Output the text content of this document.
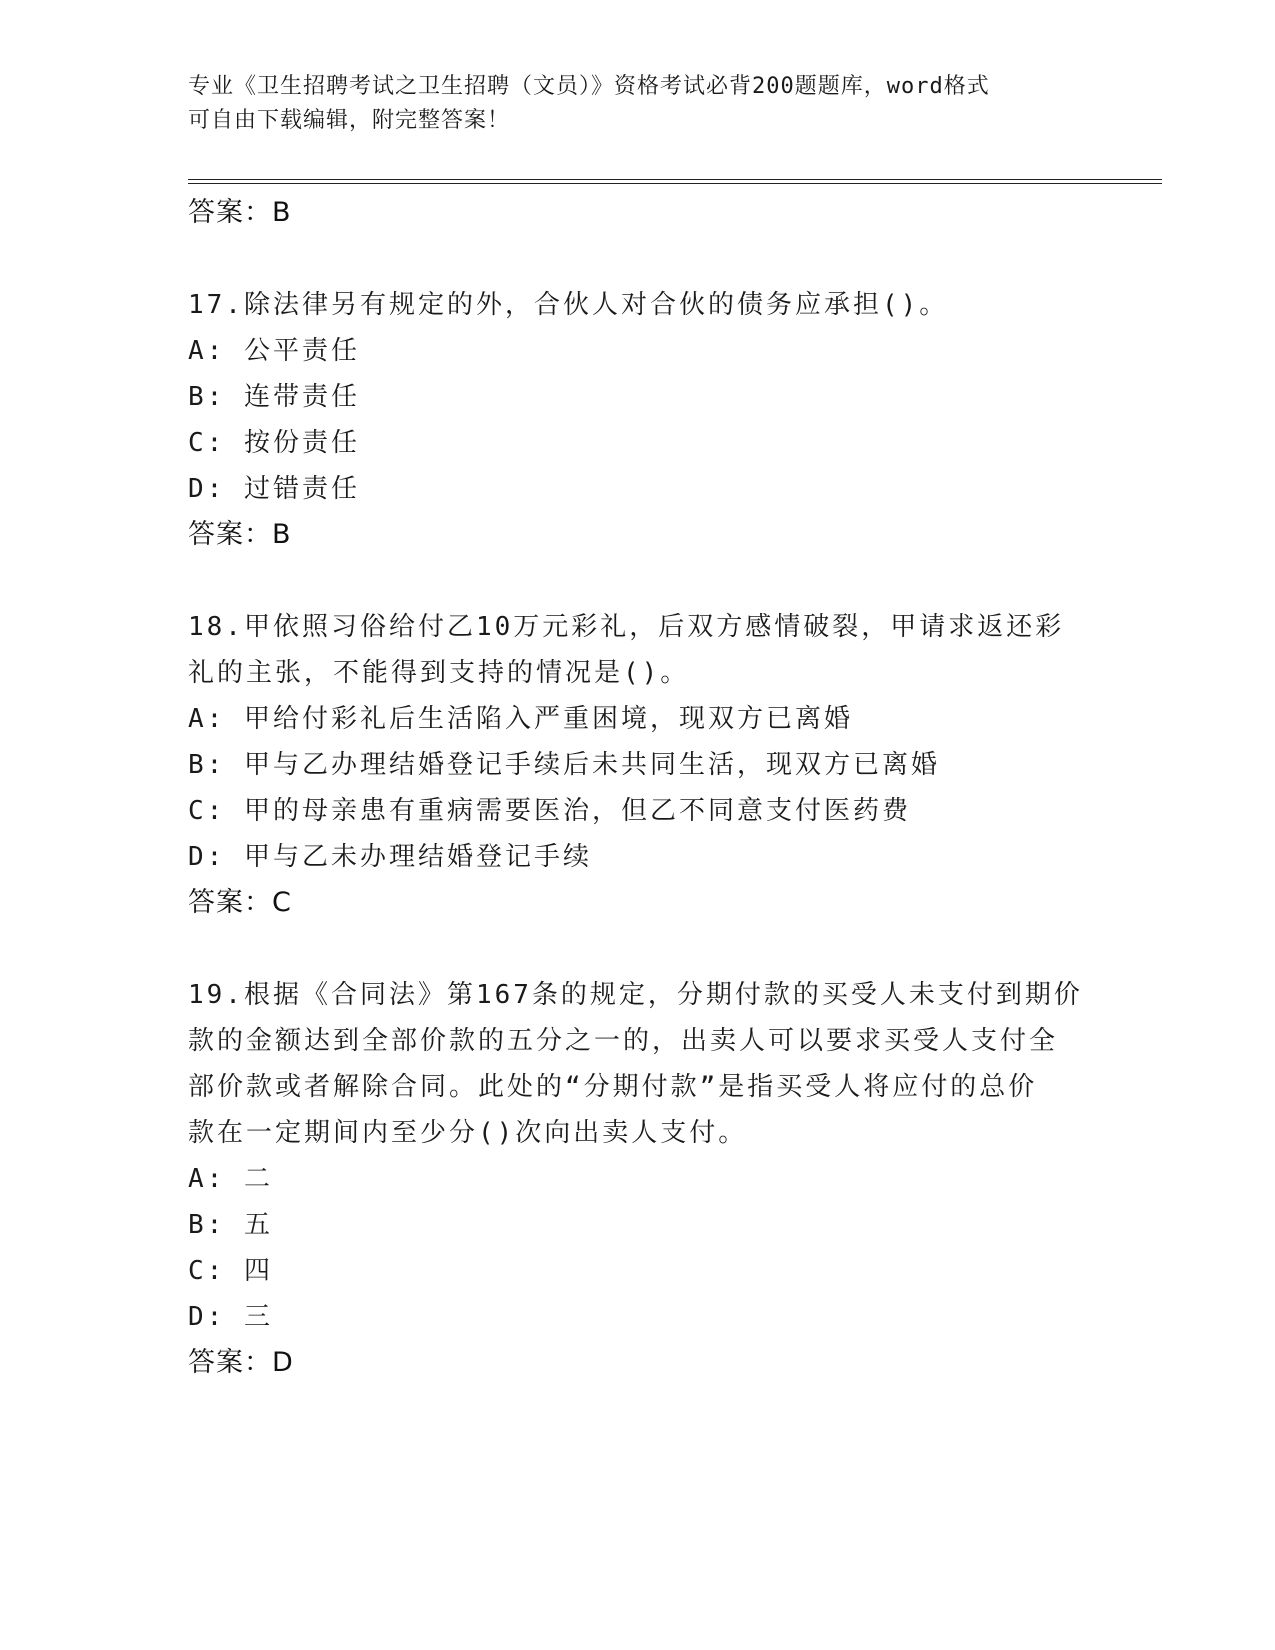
专业《卫生招聘考试之卫生招聘（文员）》资格考试必背200题题库，word格式
可自由下载编辑，附完整答案！
答案：B
17.除法律另有规定的外，合伙人对合伙的债务应承担()。
A: 公平责任
B: 连带责任
C: 按份责任
D: 过错责任
答案：B
18.甲依照习俗给付乙10万元彩礼，后双方感情破裂，甲请求返还彩
礼的主张，不能得到支持的情况是()。
A: 甲给付彩礼后生活陷入严重困境，现双方已离婚
B: 甲与乙办理结婚登记手续后未共同生活，现双方已离婚
C: 甲的母亲患有重病需要医治，但乙不同意支付医药费
D: 甲与乙未办理结婚登记手续
答案：C
19.根据《合同法》第167条的规定，分期付款的买受人未支付到期价
款的金额达到全部价款的五分之一的，出卖人可以要求买受人支付全
部价款或者解除合同。此处的“分期付款”是指买受人将应付的总价
款在一定期间内至少分()次向出卖人支付。
A: 二
B: 五
C: 四
D: 三
答案：D
